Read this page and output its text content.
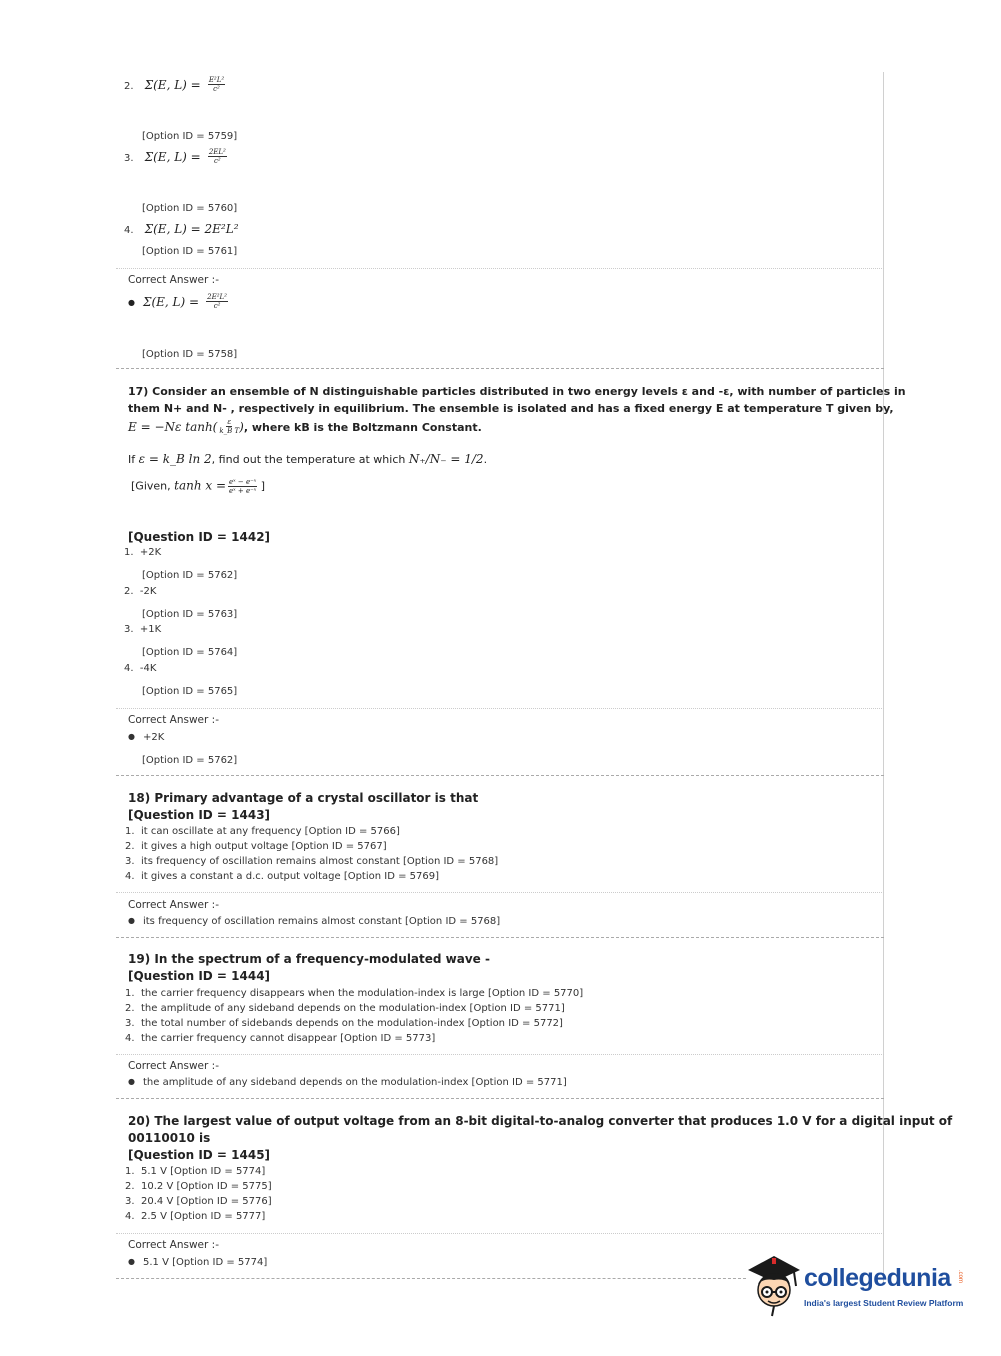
2. Σ(E, $L) = \frac{\text{E²L²}}{\text{c²}}$
[Option ID = 5759]
3. Σ(E, $L) = \frac{\text{2EL²}}{\text{c²}}$
[Option ID = 5760]
4. Σ(E, L) = 2E²L²
[Option ID = 5761]
Correct Answer :-
● Σ(E, $L) = \frac{\text{2E²L²}}{\text{c²}}$
[Option ID = 5758]
17) Consider an ensemble of N distinguishable particles distributed in two energy levels ε and -ε, with number of particles in
them N+ and N- , respectively in equilibrium. The ensemble is isolated and has a fixed energy E at temperature T given by,
E = −Nε $\tanh( \frac{\varepsilon}{\text{k\_B T}}$ ), where kB is the Boltzmann Constant.
If ε = k_B ln 2, find out the temperature at which N₊/N₋ = 1/2.
[Given, $\tanh x = \frac{\text{eˣ − e⁻ˣ}}{\text{eˣ + e⁻ˣ}}$ ]
[Question ID = 1442]
1. +2K
[Option ID = 5762]
2. -2K
[Option ID = 5763]
3. +1K
[Option ID = 5764]
4. -4K
[Option ID = 5765]
Correct Answer :-
● +2K
[Option ID = 5762]
18) Primary advantage of a crystal oscillator is that
[Question ID = 1443]
1. it can oscillate at any frequency [Option ID = 5766]
2. it gives a high output voltage [Option ID = 5767]
3. its frequency of oscillation remains almost constant [Option ID = 5768]
4. it gives a constant a d.c. output voltage [Option ID = 5769]
Correct Answer :-
● its frequency of oscillation remains almost constant [Option ID = 5768]
19) In the spectrum of a frequency-modulated wave -
[Question ID = 1444]
1. the carrier frequency disappears when the modulation-index is large [Option ID = 5770]
2. the amplitude of any sideband depends on the modulation-index [Option ID = 5771]
3. the total number of sidebands depends on the modulation-index [Option ID = 5772]
4. the carrier frequency cannot disappear [Option ID = 5773]
Correct Answer :-
● the amplitude of any sideband depends on the modulation-index [Option ID = 5771]
20) The largest value of output voltage from an 8-bit digital-to-analog converter that produces 1.0 V for a digital input of
00110010 is
[Question ID = 1445]
1. 5.1 V [Option ID = 5774]
2. 10.2 V [Option ID = 5775]
3. 20.4 V [Option ID = 5776]
4. 2.5 V [Option ID = 5777]
Correct Answer :-
● 5.1 V [Option ID = 5774]
collegedunia .com
India's largest Student Review Platform
